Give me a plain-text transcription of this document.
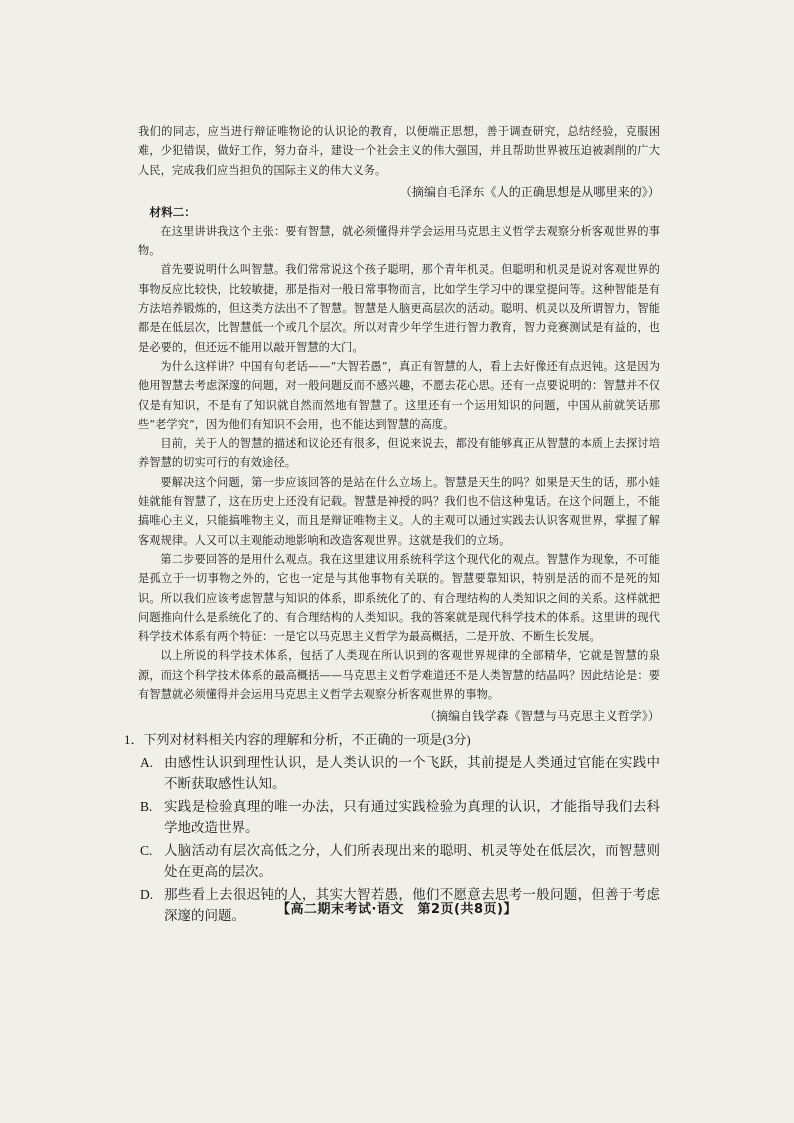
我们的同志，应当进行辩证唯物论的认识论的教育，以便端正思想，善于调查研究，总结经验，克服困难，少犯错误，做好工作，努力奋斗，建设一个社会主义的伟大强国，并且帮助世界被压迫被剥削的广大人民，完成我们应当担负的国际主义的伟大义务。

（摘编自毛泽东《人的正确思想是从哪里来的》）

材料二：

在这里讲讲我这个主张：要有智慧，就必须懂得并学会运用马克思主义哲学去观察分析客观世界的事物。

首先要说明什么叫智慧。我们常常说这个孩子聪明，那个青年机灵。但聪明和机灵是说对客观世界的事物反应比较快，比较敏捷，那是指对一般日常事物而言，比如学生学习中的课堂提问等。这种智能是有方法培养锻炼的，但这类方法出不了智慧。智慧是人脑更高层次的活动。聪明、机灵以及所谓智力，智能都是在低层次，比智慧低一个或几个层次。所以对青少年学生进行智力教育，智力竞赛测试是有益的，也是必要的，但还远不能用以敲开智慧的大门。

为什么这样讲？中国有句老话——“大智若愚”，真正有智慧的人，看上去好像还有点迟钝。这是因为他用智慧去考虑深邃的问题，对一般问题反而不感兴趣，不愿去花心思。还有一点要说明的：智慧并不仅仅是有知识，不是有了知识就自然而然地有智慧了。这里还有一个运用知识的问题，中国从前就笑话那些“老学究”，因为他们有知识不会用，也不能达到智慧的高度。

目前，关于人的智慧的描述和议论还有很多，但说来说去，都没有能够真正从智慧的本质上去探讨培养智慧的切实可行的有效途径。

要解决这个问题，第一步应该回答的是站在什么立场上。智慧是天生的吗？如果是天生的话，那小娃娃就能有智慧了，这在历史上还没有记载。智慧是神授的吗？我们也不信这种鬼话。在这个问题上，不能搞唯心主义，只能搞唯物主义，而且是辩证唯物主义。人的主观可以通过实践去认识客观世界，掌握了解客观规律。人又可以主观能动地影响和改造客观世界。这就是我们的立场。

第二步要回答的是用什么观点。我在这里建议用系统科学这个现代化的观点。智慧作为现象，不可能是孤立于一切事物之外的，它也一定是与其他事物有关联的。智慧要靠知识，特别是活的而不是死的知识。所以我们应该考虑智慧与知识的体系，即系统化了的、有合理结构的人类知识之间的关系。这样就把问题推向什么是系统化了的、有合理结构的人类知识。我的答案就是现代科学技术的体系。这里讲的现代科学技术体系有两个特征：一是它以马克思主义哲学为最高概括，二是开放、不断生长发展。

以上所说的科学技术体系，包括了人类现在所认识到的客观世界规律的全部精华，它就是智慧的泉源，而这个科学技术体系的最高概括——马克思主义哲学难道还不是人类智慧的结晶吗？因此结论是：要有智慧就必须懂得并会运用马克思主义哲学去观察分析客观世界的事物。

（摘编自钱学森《智慧与马克思主义哲学》）

1．下列对材料相关内容的理解和分析，不正确的一项是(3分)
A. 由感性认识到理性认识，是人类认识的一个飞跃，其前提是人类通过官能在实践中不断获取感性认知。
B. 实践是检验真理的唯一办法，只有通过实践检验为真理的认识，才能指导我们去科学地改造世界。
C. 人脑活动有层次高低之分，人们所表现出来的聪明、机灵等处在低层次，而智慧则处在更高的层次。
D. 那些看上去很迟钝的人，其实大智若愚，他们不愿意去思考一般问题，但善于考虑深邃的问题。	【高二期末考试·语文　第2页(共8页)】
